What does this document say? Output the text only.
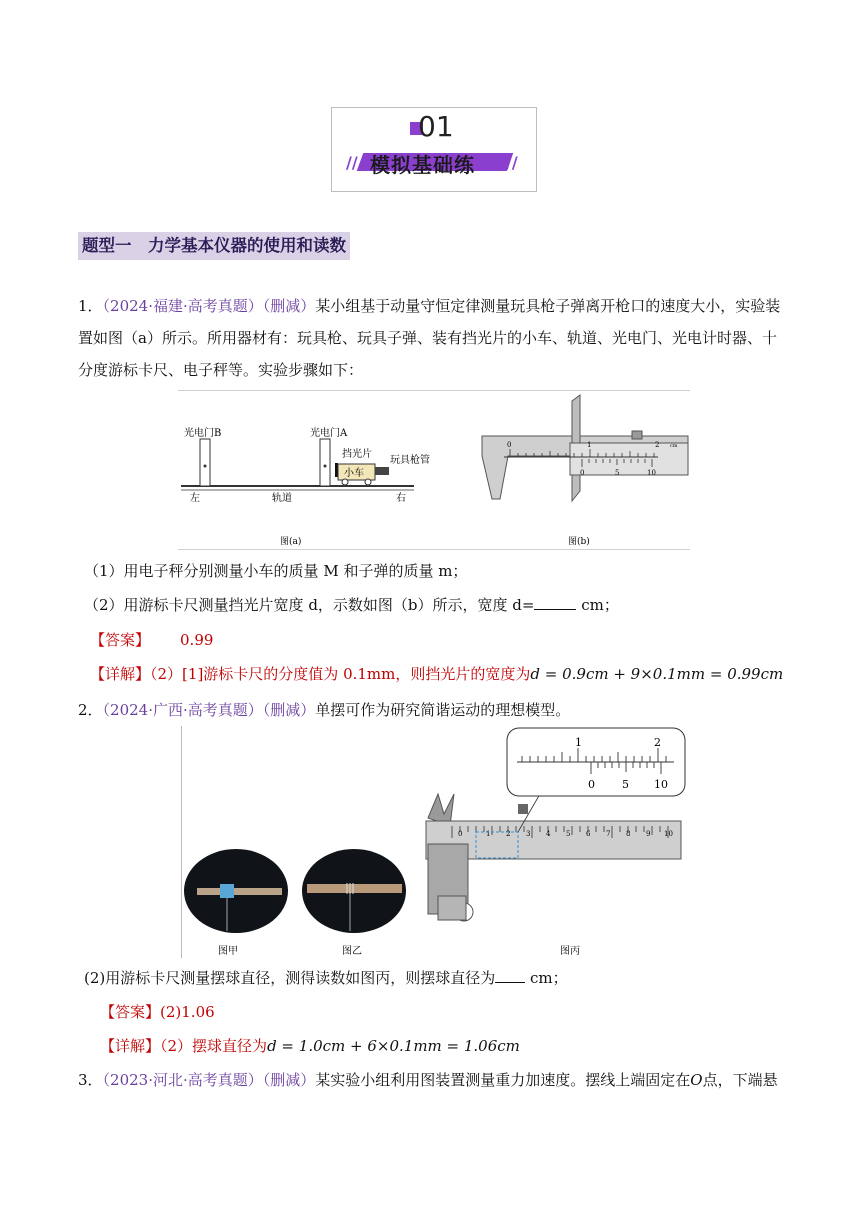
01
// 模拟基础练 //
题型一　力学基本仪器的使用和读数
1．（2024·福建·高考真题）（删减）某小组基于动量守恒定律测量玩具枪子弹离开枪口的速度大小，实验装
置如图（a）所示。所用器材有：玩具枪、玩具子弹、装有挡光片的小车、轨道、光电门、光电计时器、十
分度游标卡尺、电子秤等。实验步骤如下：
光电门B	光电门A
小车
挡光片
玩具枪管
左	轨道	右
图(a)
0	1	2 cm
0	5	10
图(b)
（1）用电子秤分别测量小车的质量 M 和子弹的质量 m；
（2）用游标卡尺测量挡光片宽度 d，示数如图（b）所示，宽度 d=	cm；
【答案】 0.99
【详解】（2）[1]游标卡尺的分度值为 0.1mm，则挡光片的宽度为d = 0.9cm + 9×0.1mm = 0.99cm
2．（2024·广西·高考真题）（删减）单摆可作为研究简谐运动的理想模型。
0	1 2 3 4 5 6 7 8 9 10
1	2
0 5 10
图甲	图乙	图丙
(2)用游标卡尺测量摆球直径，测得读数如图丙，则摆球直径为 cm；
【答案】(2)1.06
【详解】（2）摆球直径为d = 1.0cm + 6×0.1mm = 1.06cm
3．（2023·河北·高考真题）（删减）某实验小组利用图装置测量重力加速度。摆线上端固定在O点，下端悬
